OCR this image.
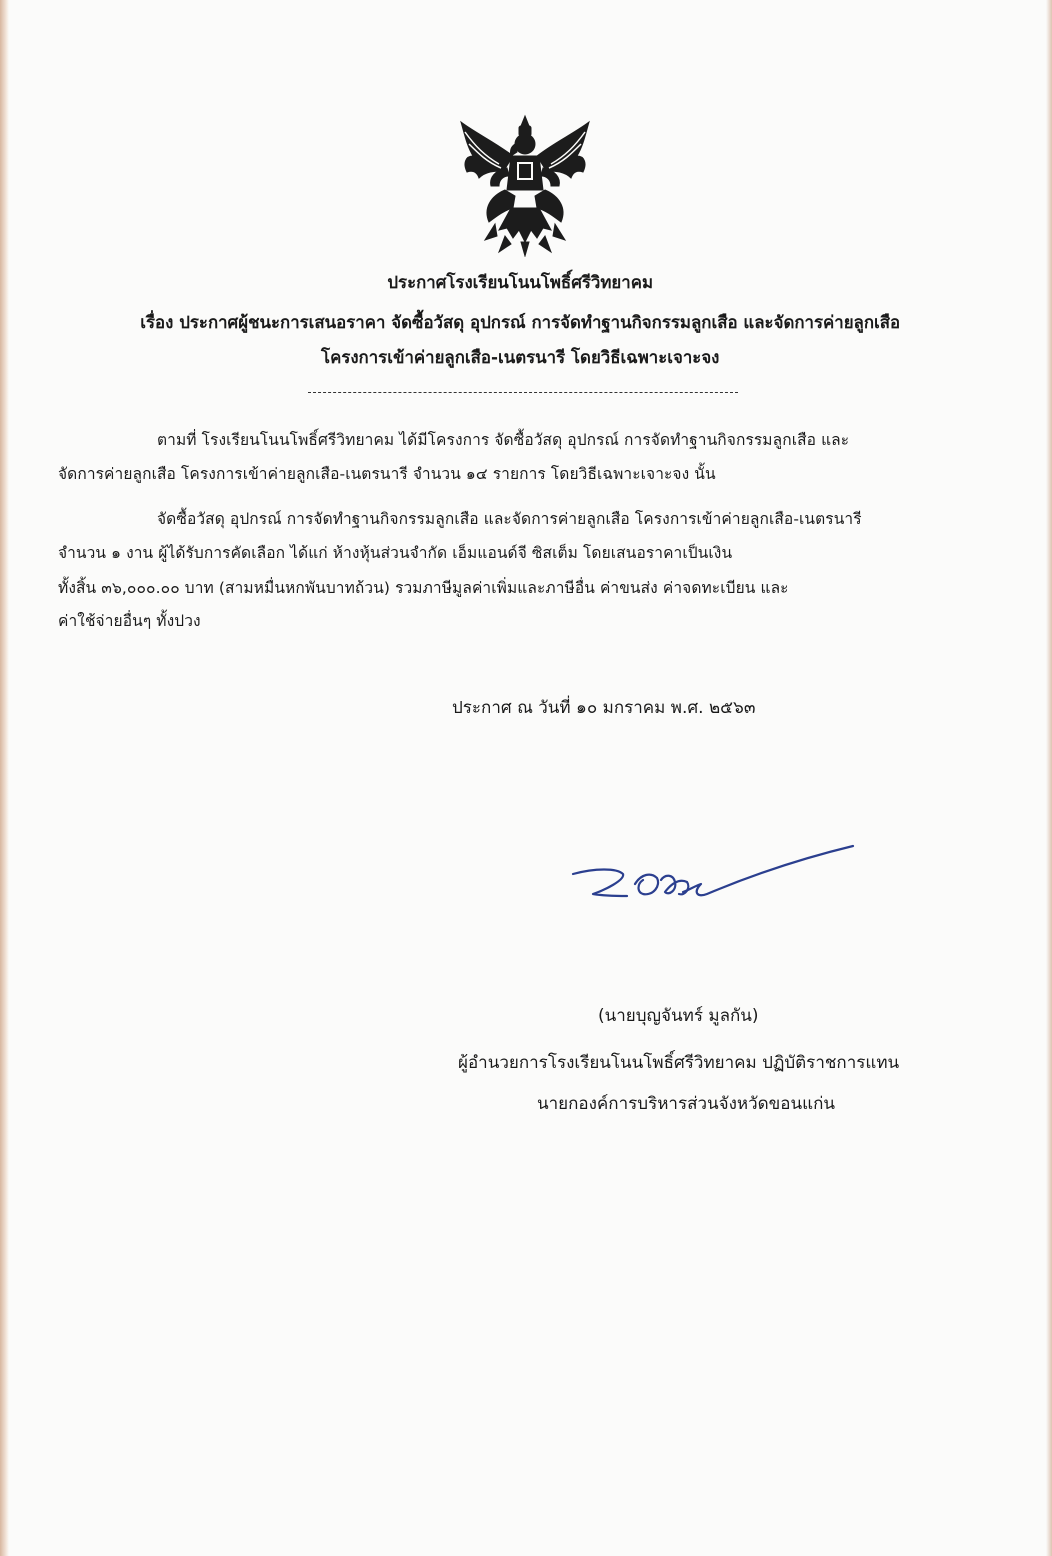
ประกาศโรงเรียนโนนโพธิ์ศรีวิทยาคม

เรื่อง ประกาศผู้ชนะการเสนอราคา จัดซื้อวัสดุ อุปกรณ์ การจัดทำฐานกิจกรรมลูกเสือ และจัดการค่ายลูกเสือ

โครงการเข้าค่ายลูกเสือ-เนตรนารี โดยวิธีเฉพาะเจาะจง

ตามที่ โรงเรียนโนนโพธิ์ศรีวิทยาคม ได้มีโครงการ จัดซื้อวัสดุ อุปกรณ์ การจัดทำฐานกิจกรรมลูกเสือ และ

จัดการค่ายลูกเสือ โครงการเข้าค่ายลูกเสือ-เนตรนารี จำนวน ๑๔ รายการ โดยวิธีเฉพาะเจาะจง นั้น

จัดซื้อวัสดุ อุปกรณ์ การจัดทำฐานกิจกรรมลูกเสือ และจัดการค่ายลูกเสือ โครงการเข้าค่ายลูกเสือ-เนตรนารี

จำนวน ๑ งาน ผู้ได้รับการคัดเลือก ได้แก่ ห้างหุ้นส่วนจำกัด เอ็มแอนด์จี ซิสเต็ม โดยเสนอราคาเป็นเงิน

ทั้งสิ้น ๓๖,๐๐๐.๐๐ บาท (สามหมื่นหกพันบาทถ้วน) รวมภาษีมูลค่าเพิ่มและภาษีอื่น ค่าขนส่ง ค่าจดทะเบียน และ

ค่าใช้จ่ายอื่นๆ ทั้งปวง

ประกาศ ณ วันที่ ๑๐ มกราคม พ.ศ. ๒๕๖๓

(นายบุญจันทร์ มูลกัน)

ผู้อำนวยการโรงเรียนโนนโพธิ์ศรีวิทยาคม ปฏิบัติราชการแทน

นายกองค์การบริหารส่วนจังหวัดขอนแก่น
